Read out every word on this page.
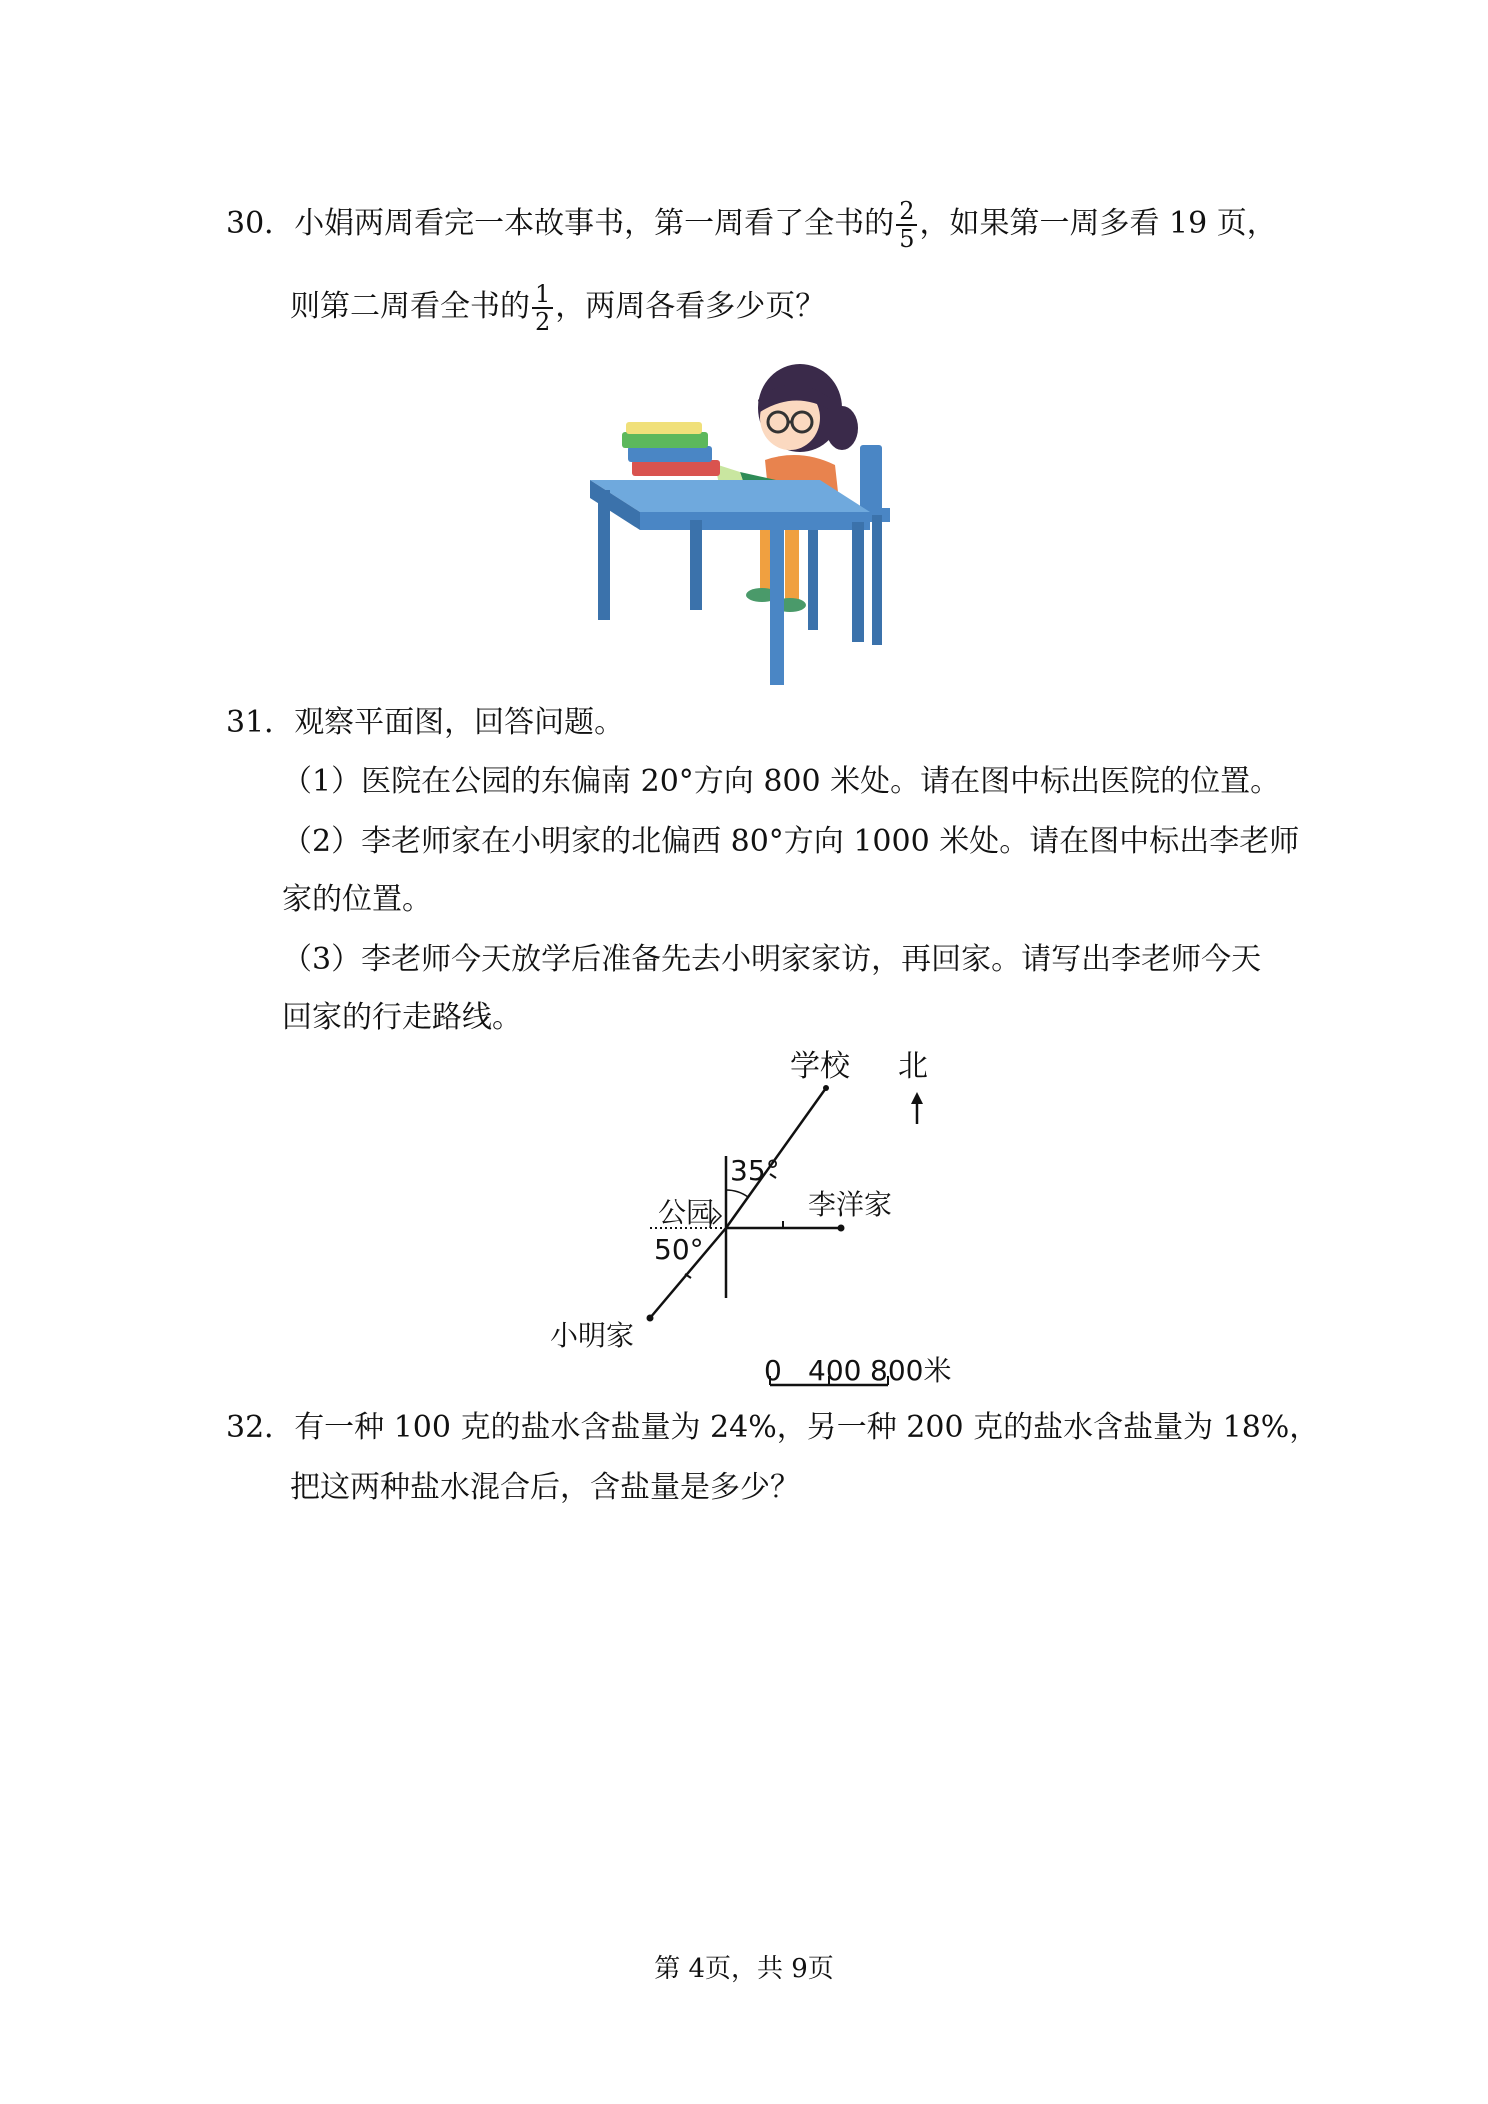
30．小娟两周看完一本故事书，第一周看了全书的 $\frac{2}{5}$ ，如果第一周多看 19 页，
则第二周看全书的 $\frac{1}{2}$ ，两周各看多少页？
31．观察平面图，回答问题。
（1）医院在公园的东偏南 20°方向 800 米处。请在图中标出医院的位置。
（2）李老师家在小明家的北偏西 80°方向 1000 米处。请在图中标出李老师
家的位置。
（3）李老师今天放学后准备先去小明家家访，再回家。请写出李老师今天
回家的行走路线。
学校 北
35°
公园	李洋家
50°
小明家
0 400 800米
32．有一种 100 克的盐水含盐量为 24%，另一种 200 克的盐水含盐量为 18%，
把这两种盐水混合后，含盐量是多少？
第 4页，共 9页
